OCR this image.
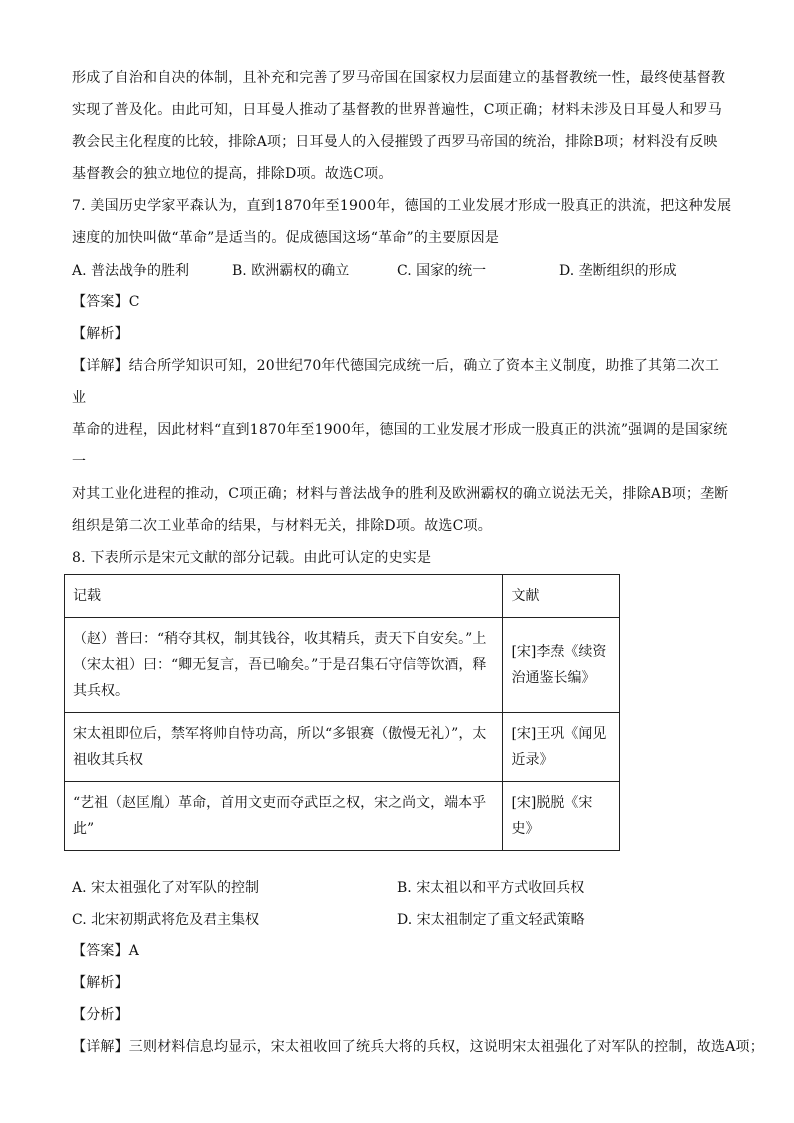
形成了自治和自决的体制，且补充和完善了罗马帝国在国家权力层面建立的基督教统一性，最终使基督教

实现了普及化。由此可知，日耳曼人推动了基督教的世界普遍性，C项正确；材料未涉及日耳曼人和罗马

教会民主化程度的比较，排除A项；日耳曼人的入侵摧毁了西罗马帝国的统治，排除B项；材料没有反映

基督教会的独立地位的提高，排除D项。故选C项。

7. 美国历史学家平森认为，直到1870年至1900年，德国的工业发展才形成一股真正的洪流，把这种发展

速度的加快叫做“革命”是适当的。促成德国这场“革命”的主要原因是

A. 普法战争的胜利	B. 欧洲霸权的确立	C. 国家的统一	D. 垄断组织的形成

【答案】C

【解析】

【详解】结合所学知识可知，20世纪70年代德国完成统一后，确立了资本主义制度，助推了其第二次工业

革命的进程，因此材料“直到1870年至1900年，德国的工业发展才形成一股真正的洪流”强调的是国家统一

对其工业化进程的推动，C项正确；材料与普法战争的胜利及欧洲霸权的确立说法无关，排除AB项；垄断

组织是第二次工业革命的结果，与材料无关，排除D项。故选C项。

8. 下表所示是宋元文献的部分记载。由此可认定的史实是

记载	文献
（赵）普曰：“稍夺其权，制其钱谷，收其精兵，责天下自安矣。”上（宋太祖）曰：“卿无复言，吾已喻矣。”于是召集石守信等饮酒，释其兵权。	[宋]李焘《续资治通鉴长编》
宋太祖即位后，禁军将帅自恃功高，所以“多银赛（傲慢无礼）”，太祖收其兵权	[宋]王巩《闻见近录》
“艺祖（赵匡胤）革命，首用文吏而夺武臣之权，宋之尚文，端本乎此”	[宋]脱脱《宋史》
A. 宋太祖强化了对军队的控制	B. 宋太祖以和平方式收回兵权
C. 北宋初期武将危及君主集权	D. 宋太祖制定了重文轻武策略

【答案】A

【解析】

【分析】

【详解】三则材料信息均显示，宋太祖收回了统兵大将的兵权，这说明宋太祖强化了对军队的控制，故选A项；
